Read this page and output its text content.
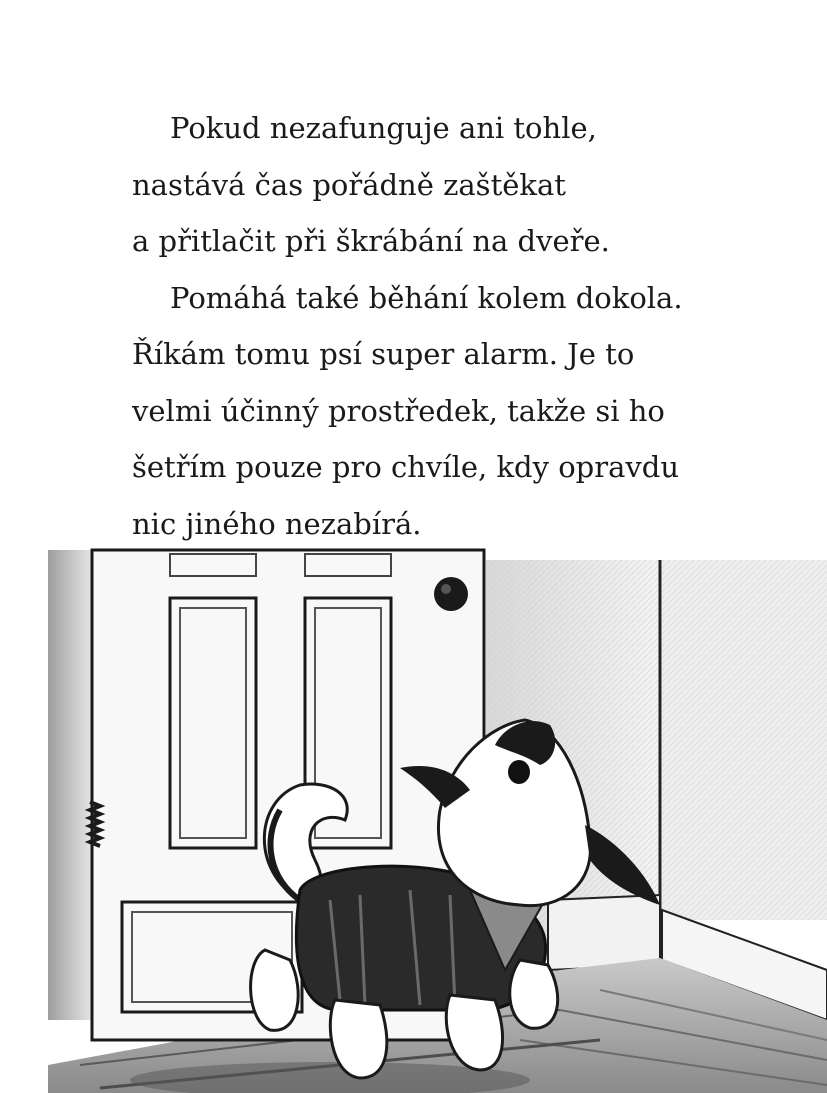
Pokud nezafunguje ani tohle,
nastává čas pořádně zaštěkat
a přitlačit při škrábání na dveře.
Pomáhá také běhání kolem dokola.
Říkám tomu psí super alarm. Je to
velmi účinný prostředek, takže si ho
šetřím pouze pro chvíle, kdy opravdu
nic jiného nezabírá.
